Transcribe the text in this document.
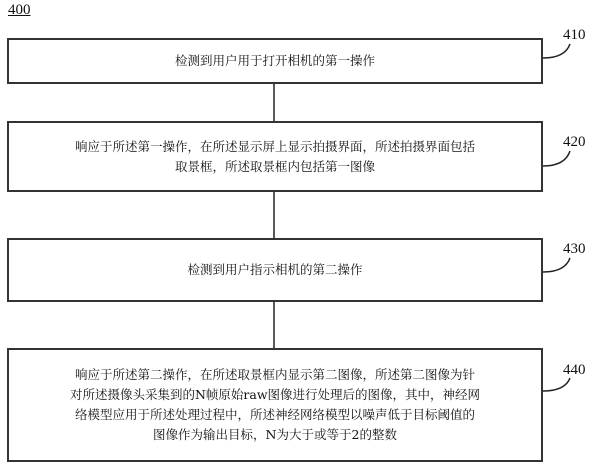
400
检测到用户用于打开相机的第一操作
410
响应于所述第一操作，在所述显示屏上显示拍摄界面，所述拍摄界面包括
取景框，所述取景框内包括第一图像
420
检测到用户指示相机的第二操作
430
响应于所述第二操作，在所述取景框内显示第二图像，所述第二图像为针
对所述摄像头采集到的N帧原始raw图像进行处理后的图像，其中，神经网
络模型应用于所述处理过程中，所述神经网络模型以噪声低于目标阈值的
图像作为输出目标，N为大于或等于2的整数
440
